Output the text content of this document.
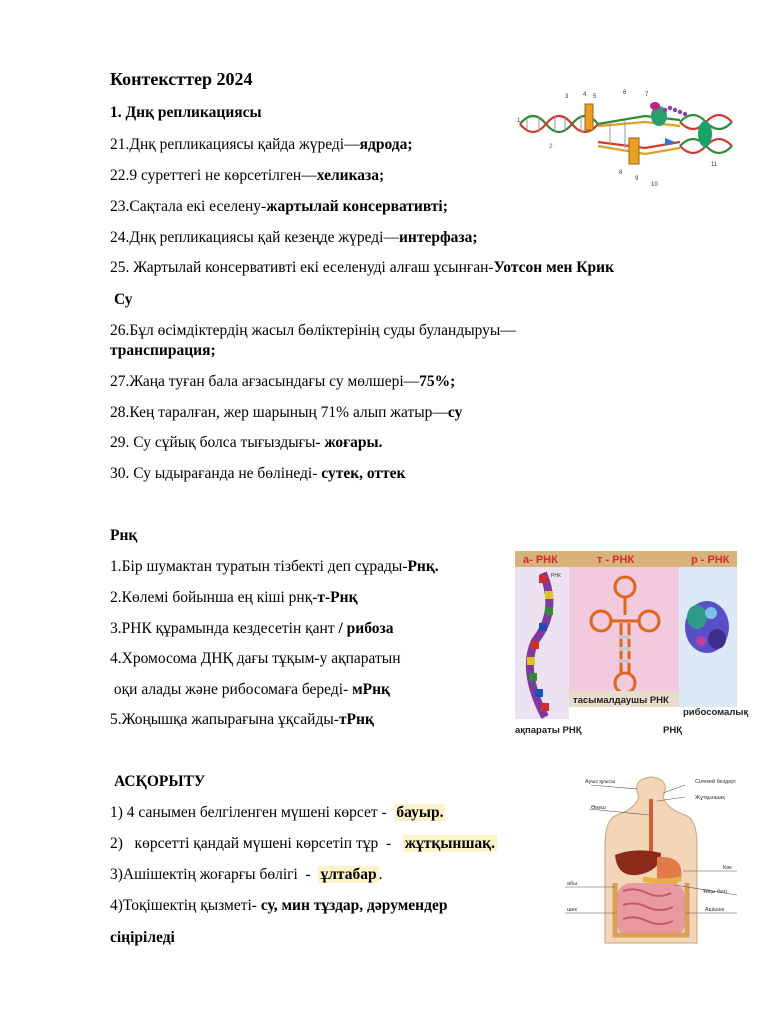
Контексттер 2024
1. Днқ репликациясы
21.Днқ репликациясы қайда жүреді—ядрода;
22.9 суреттегі не көрсетілген—хеликаза;
23.Сақтала екі еселену-жартылай консервативті;
24.Днқ репликациясы қай кезеңде жүреді—интерфаза;
25. Жартылай консервативті екі еселенуді алғаш ұсынған-Уотсон мен Крик
Су
26.Бұл өсімдіктердің жасыл бөліктерінің суды буландыруы—
транспирация;
27.Жаңа туған бала ағзасындағы су мөлшері—75%;
28.Кең таралған, жер шарының 71% алып жатыр—су
29. Су сұйық болса тығыздығы- жоғары.
30. Су ыдырағанда не бөлінеді- сутек, оттек
Рнқ
1.Бір шумактан туратын тізбекті деп сұрады-Рнқ.
2.Көлемі бойынша ең кіші рнқ-т-Рнқ
3.РНК құрамында кездесетін қант / рибоза
4.Хромосома ДНҚ дағы тұқым-у ақпаратын
оқи алады және рибосомаға береді- мРнқ
5.Жоңышқа жапырағына ұқсайды-тРнқ
АСҚОРЫТУ
1) 4 санымен белгіленген мүшені көрсет -  бауыр.
2)   көрсетті қандай мүшені көрсетіп тұр  -   жұтқыншақ.
3)Ашішектің жоғарғы бөлігі  -  ұлтабар .
4)Тоқішектің қызметі- су, мин тұздар, дәрумендер
сіңіріледі
1
2
3 4 5
6	7
8
9
10
11
а- РНК	т - РНК	р - РНК
РНК
тасымалдаушы РНК
рибосомалық
ақпараты РНҚ	РНҚ
Ауыз қуысы	Сілекей бездері
Жұтқыншақ
Өңеш
Көк
абы
Ұйқы безі
шек	Ашішек
